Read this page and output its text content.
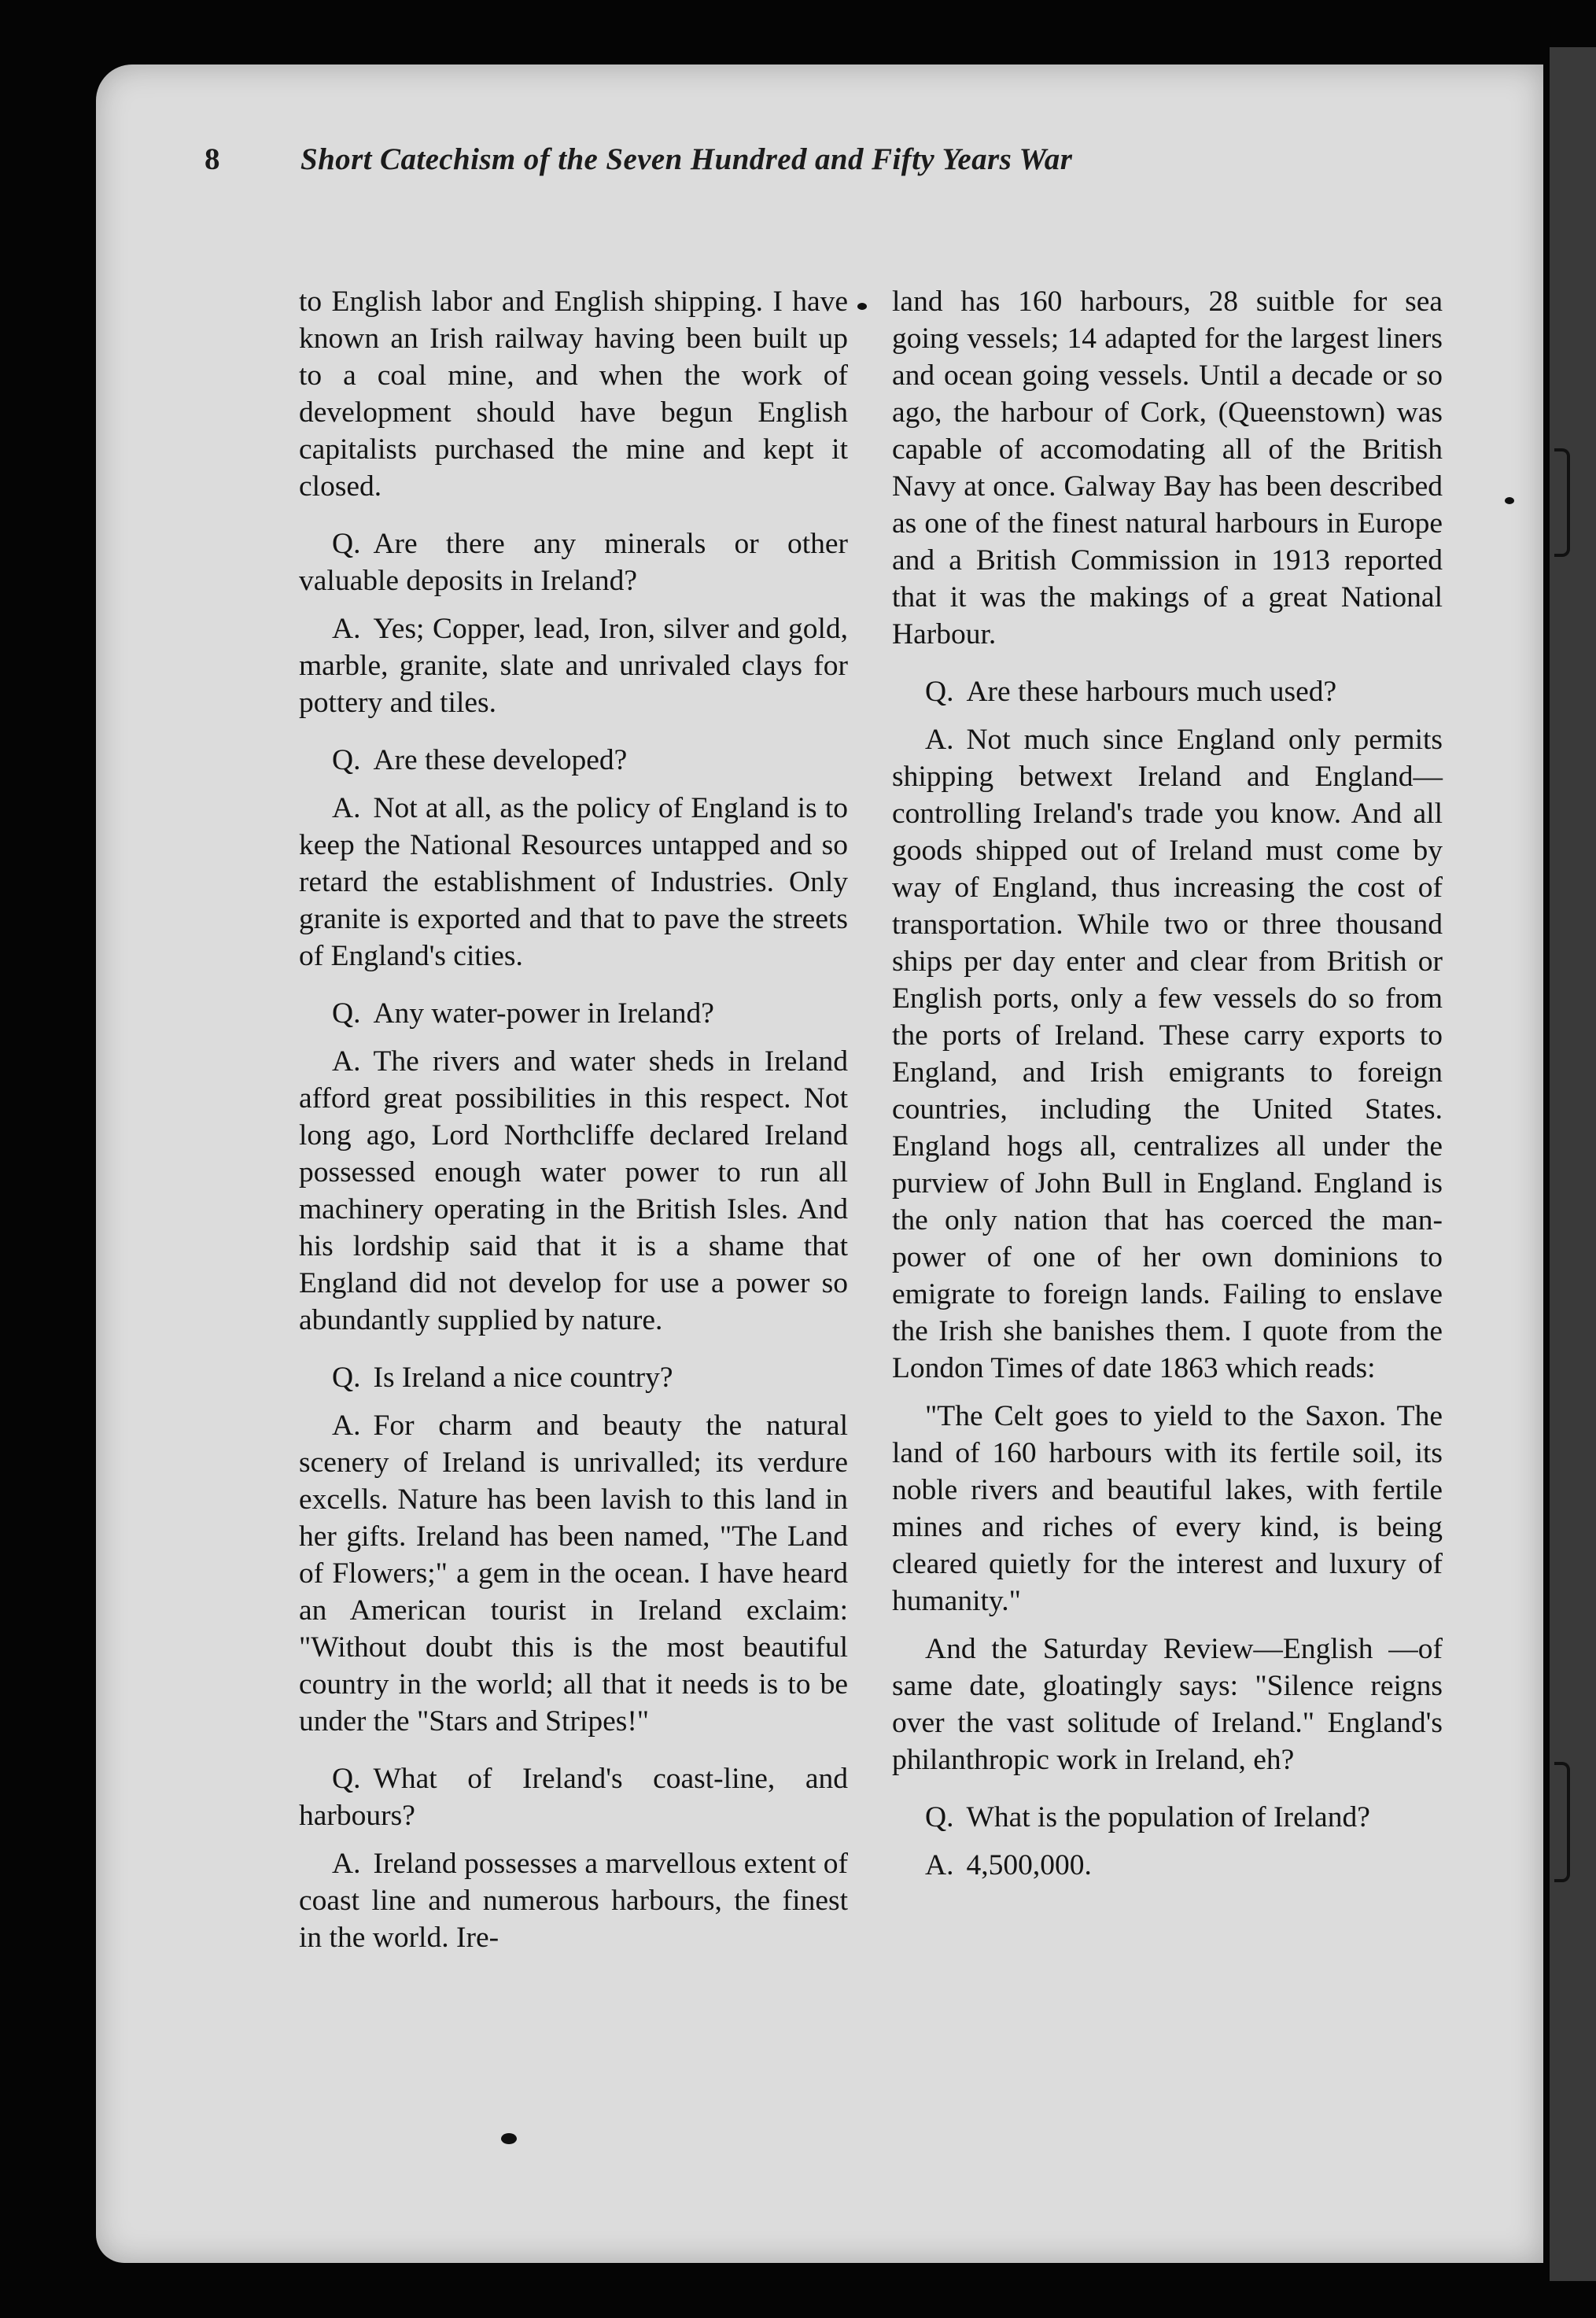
8	Short Catechism of the Seven Hundred and Fifty Years War

to English labor and English shipping. I have known an Irish railway having been built up to a coal mine, and when the work of development should have begun English capitalists purchased the mine and kept it closed.

Q. Are there any minerals or other valuable deposits in Ireland?

A. Yes; Copper, lead, Iron, silver and gold, marble, granite, slate and unrivaled clays for pottery and tiles.

Q. Are these developed?

A. Not at all, as the policy of England is to keep the National Resources untapped and so retard the establishment of Industries. Only granite is exported and that to pave the streets of England's cities.

Q. Any water-power in Ireland?

A. The rivers and water sheds in Ireland afford great possibilities in this respect. Not long ago, Lord Northcliffe declared Ireland possessed enough water power to run all machinery operating in the British Isles. And his lordship said that it is a shame that England did not develop for use a power so abundantly supplied by nature.

Q. Is Ireland a nice country?

A. For charm and beauty the natural scenery of Ireland is unrivalled; its verdure excells. Nature has been lavish to this land in her gifts. Ireland has been named, "The Land of Flowers;" a gem in the ocean. I have heard an American tourist in Ireland exclaim: "Without doubt this is the most beautiful country in the world; all that it needs is to be under the "Stars and Stripes!"

Q. What of Ireland's coast-line, and harbours?

A. Ireland possesses a marvellous extent of coast line and numerous harbours, the finest in the world. Ire-

land has 160 harbours, 28 suitble for sea going vessels; 14 adapted for the largest liners and ocean going vessels. Until a decade or so ago, the harbour of Cork, (Queenstown) was capable of accomodating all of the British Navy at once. Galway Bay has been described as one of the finest natural harbours in Europe and a British Commission in 1913 reported that it was the makings of a great National Harbour.

Q. Are these harbours much used?

A. Not much since England only permits shipping betwext Ireland and England—controlling Ireland's trade you know. And all goods shipped out of Ireland must come by way of England, thus increasing the cost of transportation. While two or three thousand ships per day enter and clear from British or English ports, only a few vessels do so from the ports of Ireland. These carry exports to England, and Irish emigrants to foreign countries, including the United States. England hogs all, centralizes all under the purview of John Bull in England. England is the only nation that has coerced the man-power of one of her own dominions to emigrate to foreign lands. Failing to enslave the Irish she banishes them. I quote from the London Times of date 1863 which reads:

"The Celt goes to yield to the Saxon. The land of 160 harbours with its fertile soil, its noble rivers and beautiful lakes, with fertile mines and riches of every kind, is being cleared quietly for the interest and luxury of humanity."

And the Saturday Review—English —of same date, gloatingly says: "Silence reigns over the vast solitude of Ireland." England's philanthropic work in Ireland, eh?

Q. What is the population of Ireland?

A. 4,500,000.
